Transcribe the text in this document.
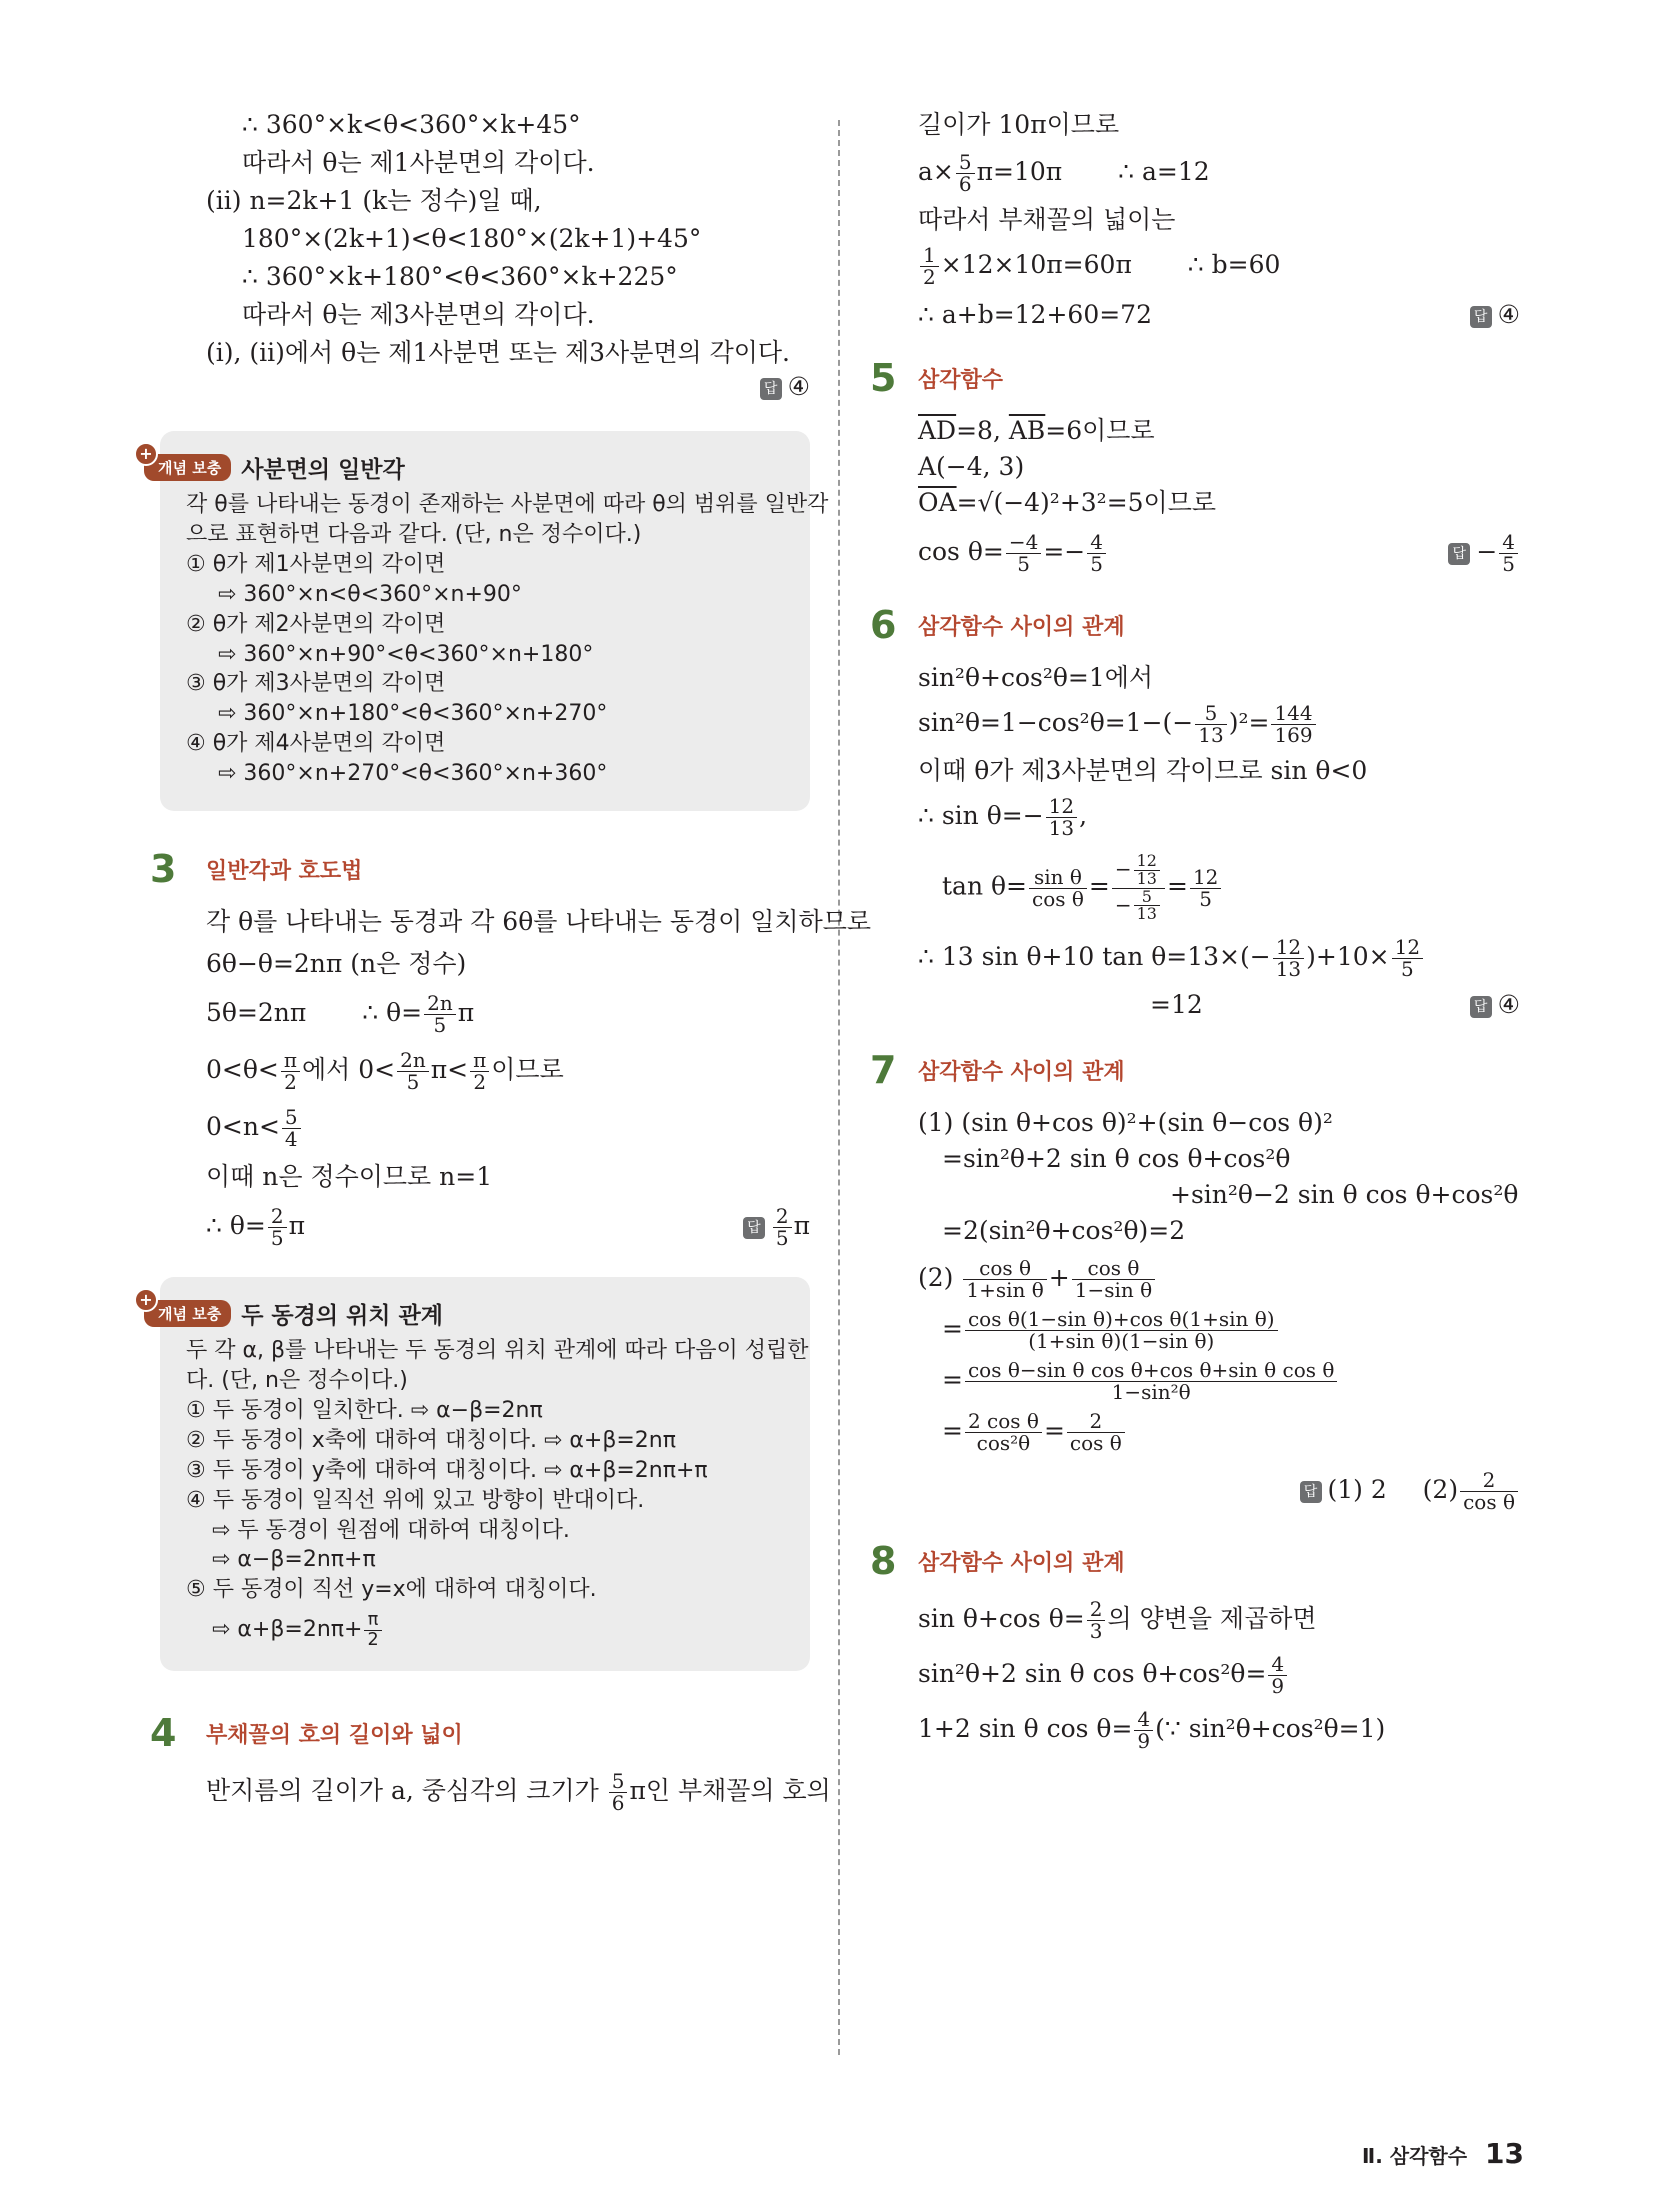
∴ 360°×k<θ<360°×k+45°

따라서 θ는 제1사분면의 각이다.

(ⅱ) n=2k+1 (k는 정수)일 때,

180°×(2k+1)<θ<180°×(2k+1)+45°

∴ 360°×k+180°<θ<360°×k+225°

따라서 θ는 제3사분면의 각이다.

(ⅰ), (ⅱ)에서 θ는 제1사분면 또는 제3사분면의 각이다.

답 ④
+
개념 보충 사분면의 일반각

각 θ를 나타내는 동경이 존재하는 사분면에 따라 θ의 범위를 일반각

으로 표현하면 다음과 같다. (단, n은 정수이다.)

① θ가 제1사분면의 각이면

⇨ 360°×n<θ<360°×n+90°

② θ가 제2사분면의 각이면

⇨ 360°×n+90°<θ<360°×n+180°

③ θ가 제3사분면의 각이면

⇨ 360°×n+180°<θ<360°×n+270°

④ θ가 제4사분면의 각이면

⇨ 360°×n+270°<θ<360°×n+360°

3	일반각과 호도법

각 θ를 나타내는 동경과 각 6θ를 나타내는 동경이 일치하므로

6θ−θ=2nπ (n은 정수)

5θ=2nπ ∴ $\theta= \frac{2n}{5}$ π

$0<\theta< \frac{\pi}{2}$ 에서 $0< \frac{2n}{5} \pi< \frac{\pi}{2}$ 이므로

$0<n< \frac{5}{4}$

이때 n은 정수이므로 n=1

∴ $\theta= \frac{2}{5}$ π	답 $\frac{2}{5}$ π
+
개념 보충 두 동경의 위치 관계

두 각 α, β를 나타내는 두 동경의 위치 관계에 따라 다음이 성립한

다. (단, n은 정수이다.)

① 두 동경이 일치한다. ⇨ α−β=2nπ

② 두 동경이 x축에 대하여 대칭이다. ⇨ α+β=2nπ

③ 두 동경이 y축에 대하여 대칭이다. ⇨ α+β=2nπ+π

④ 두 동경이 일직선 위에 있고 방향이 반대이다.

⇨ 두 동경이 원점에 대하여 대칭이다.

⇨ α−β=2nπ+π

⑤ 두 동경이 직선 y=x에 대하여 대칭이다.

⇨ $\alpha+\beta=2n\pi+ \frac{\pi}{2}$

4	부채꼴의 호의 길이와 넓이

반지름의 길이가 a, 중심각의 크기가 $\frac{5}{6}$ π인 부채꼴의 호의

길이가 10π이므로

$a\times \frac{5}{6} \pi=10\pi$ ∴ a=12

따라서 부채꼴의 넓이는

$\frac{1}{2} \times 12\times 10\pi=60\pi$ ∴ b=60

∴ a+b=12+60=72	답 ④
5 삼각함수

$\overline{AD}=8$, $\overline{AB}=6$이므로

A(−4, 3)

$\overline{OA}=√(-4)^2+3^2=5$이므로

$\cos \theta= \frac{-4}{5} =- \frac{4}{5}$	답 − $\frac{4}{5}$
6 삼각함수 사이의 관계

sin²θ+cos²θ=1에서

$\sin^2\theta=1-\cos^2\theta=1-(- \frac{5}{13} )^2= \frac{144}{169}$

이때 θ가 제3사분면의 각이므로 sin θ<0

∴ $\sin \theta=- \frac{12}{13}$ ,

$\tan \theta= \frac{\text{sin θ}}{\text{cos θ}} = \frac{- \frac{12}{13}}{- \frac{5}{13}} = \frac{12}{5}$

∴ 13 sin θ+10 $\tan \theta=13\times(- \frac{12}{13} )+10\times \frac{12}{5}$

=12	답 ④
7 삼각함수 사이의 관계

(1) (sin θ+cos θ)²+(sin θ−cos θ)²

=sin²θ+2 sin θ cos θ+cos²θ

+sin²θ−2 sin θ cos θ+cos²θ

=2(sin²θ+cos²θ)=2

$(2) \frac{\text{cos θ}}{\text{1+sin θ}} + \frac{\text{cos θ}}{\text{1−sin θ}}$

= $\frac{\text{cos θ(1−sin θ)+cos θ(1+sin θ)}}{\text{(1+sin θ)(1−sin θ)}}$

= $\frac{\text{cos θ−sin θ cos θ+cos θ+sin θ cos θ}}{\text{1−sin²θ}}$

= $\frac{\text{2 cos θ}}{\text{cos²θ}} = \frac{2}{\text{cos θ}}$

답 (1) 2 $(2) \frac{2}{\text{cos θ}}$
8 삼각함수 사이의 관계

sin θ+cos $\theta= \frac{2}{3}$ 의 양변을 제곱하면

sin²θ+2 sin θ $\cos \theta+\cos^2\theta= \frac{4}{9}$

1+2 sin θ $\cos \theta= \frac{4}{9}$ (∵ sin²θ+cos²θ=1)

Ⅱ. 삼각함수 13
